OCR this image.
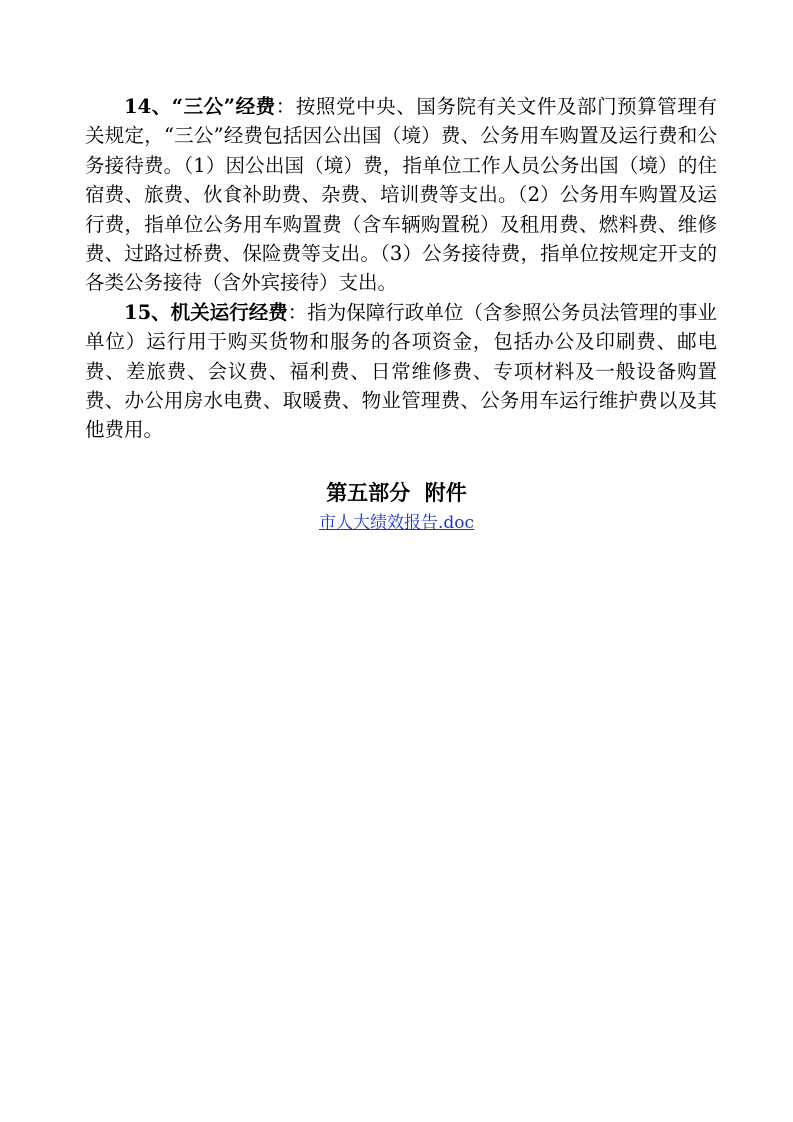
14、“三公”经费：按照党中央、国务院有关文件及部门预算管理有关规定，“三公”经费包括因公出国（境）费、公务用车购置及运行费和公务接待费。（1）因公出国（境）费，指单位工作人员公务出国（境）的住宿费、旅费、伙食补助费、杂费、培训费等支出。（2）公务用车购置及运行费，指单位公务用车购置费（含车辆购置税）及租用费、燃料费、维修费、过路过桥费、保险费等支出。（3）公务接待费，指单位按规定开支的各类公务接待（含外宾接待）支出。

15、机关运行经费：指为保障行政单位（含参照公务员法管理的事业单位）运行用于购买货物和服务的各项资金，包括办公及印刷费、邮电费、差旅费、会议费、福利费、日常维修费、专项材料及一般设备购置费、办公用房水电费、取暖费、物业管理费、公务用车运行维护费以及其他费用。

第五部分  附件
市人大绩效报告.doc
